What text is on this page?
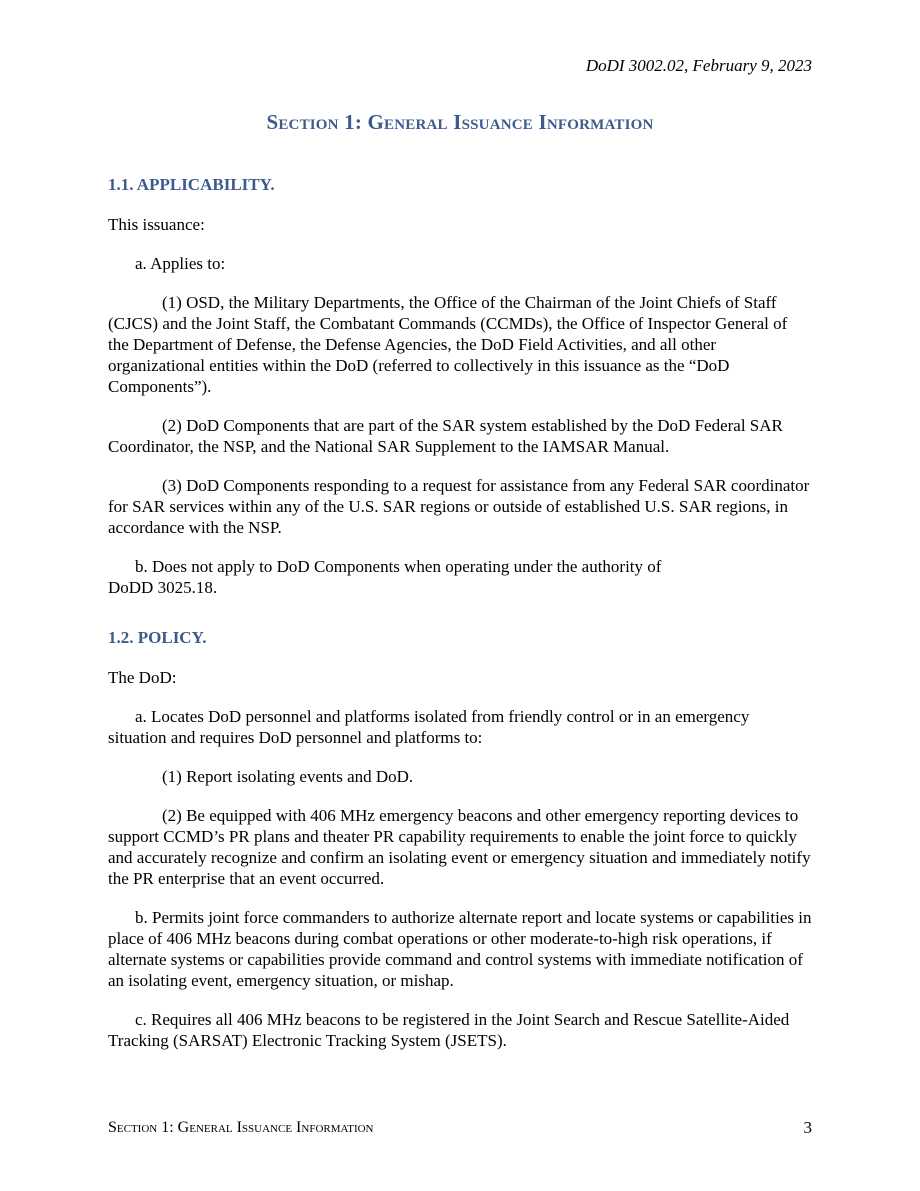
DoDI 3002.02, February 9, 2023
Section 1: General Issuance Information
1.1. APPLICABILITY.

This issuance:

a. Applies to:

(1) OSD, the Military Departments, the Office of the Chairman of the Joint Chiefs of Staff (CJCS) and the Joint Staff, the Combatant Commands (CCMDs), the Office of Inspector General of the Department of Defense, the Defense Agencies, the DoD Field Activities, and all other organizational entities within the DoD (referred to collectively in this issuance as the “DoD Components”).

(2) DoD Components that are part of the SAR system established by the DoD Federal SAR Coordinator, the NSP, and the National SAR Supplement to the IAMSAR Manual.

(3) DoD Components responding to a request for assistance from any Federal SAR coordinator for SAR services within any of the U.S. SAR regions or outside of established U.S. SAR regions, in accordance with the NSP.

b. Does not apply to DoD Components when operating under the authority of
DoDD 3025.18.

1.2. POLICY.

The DoD:

a. Locates DoD personnel and platforms isolated from friendly control or in an emergency situation and requires DoD personnel and platforms to:

(1) Report isolating events and DoD.

(2) Be equipped with 406 MHz emergency beacons and other emergency reporting devices to support CCMD’s PR plans and theater PR capability requirements to enable the joint force to quickly and accurately recognize and confirm an isolating event or emergency situation and immediately notify the PR enterprise that an event occurred.

b. Permits joint force commanders to authorize alternate report and locate systems or capabilities in place of 406 MHz beacons during combat operations or other moderate-to-high risk operations, if alternate systems or capabilities provide command and control systems with immediate notification of an isolating event, emergency situation, or mishap.

c. Requires all 406 MHz beacons to be registered in the Joint Search and Rescue Satellite-Aided Tracking (SARSAT) Electronic Tracking System (JSETS).

Section 1: General Issuance Information	3
